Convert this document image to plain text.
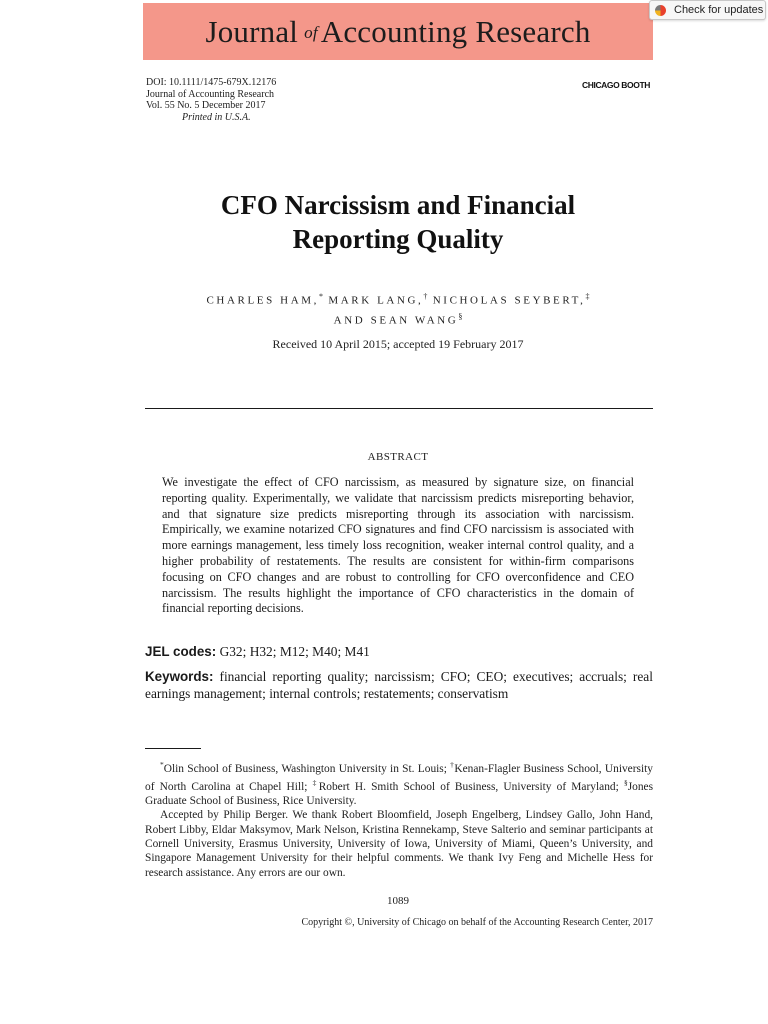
Journal of Accounting Research
Check for updates
DOI: 10.1111/1475-679X.12176
Journal of Accounting Research
Vol. 55 No. 5 December 2017
Printed in U.S.A.
CHICAGO BOOTH
CFO Narcissism and Financial
Reporting Quality
CHARLES HAM,* MARK LANG,† NICHOLAS SEYBERT,‡
AND SEAN WANG§
Received 10 April 2015; accepted 19 February 2017
ABSTRACT
We investigate the effect of CFO narcissism, as measured by signature size, on financial reporting quality. Experimentally, we validate that narcissism predicts misreporting behavior, and that signature size predicts misreporting through its association with narcissism. Empirically, we examine notarized CFO signatures and find CFO narcissism is associated with more earnings management, less timely loss recognition, weaker internal control quality, and a higher probability of restatements. The results are consistent for within-firm comparisons focusing on CFO changes and are robust to controlling for CFO overconfidence and CEO narcissism. The results highlight the importance of CFO characteristics in the domain of financial reporting decisions.
JEL codes: G32; H32; M12; M40; M41
Keywords: financial reporting quality; narcissism; CFO; CEO; executives; accruals; real earnings management; internal controls; restatements; conservatism

*Olin School of Business, Washington University in St. Louis; †Kenan-Flagler Business School, University of North Carolina at Chapel Hill; ‡Robert H. Smith School of Business, University of Maryland; §Jones Graduate School of Business, Rice University.

Accepted by Philip Berger. We thank Robert Bloomfield, Joseph Engelberg, Lindsey Gallo, John Hand, Robert Libby, Eldar Maksymov, Mark Nelson, Kristina Rennekamp, Steve Salterio and seminar participants at Cornell University, Erasmus University, University of Iowa, University of Miami, Queen’s University, and Singapore Management University for their helpful comments. We thank Ivy Feng and Michelle Hess for research assistance. Any errors are our own.

1089
Copyright ©, University of Chicago on behalf of the Accounting Research Center, 2017
